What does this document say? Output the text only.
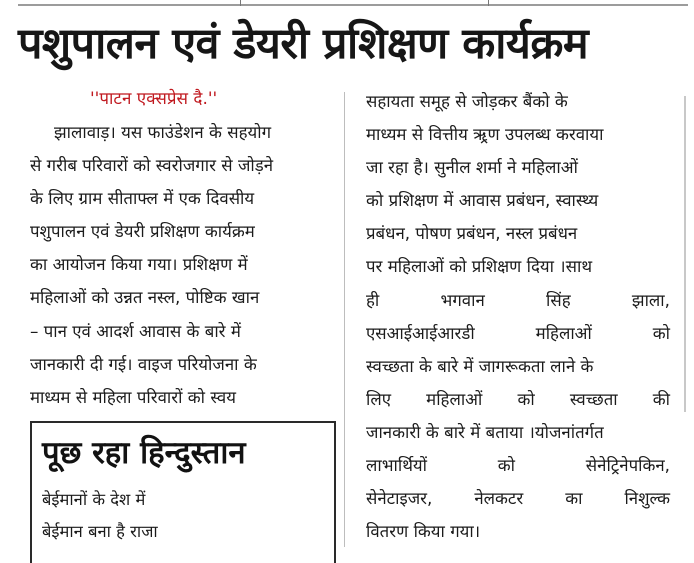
पशुपालन एवं डेयरी प्रशिक्षण कार्यक्रम
''पाटन एक्सप्रेस दै.''
झालावाड़। यस फाउंडेशन के सहयोग
से गरीब परिवारों को स्वरोजगार से जोड़ने
के लिए ग्राम सीताफ्ल में एक दिवसीय
पशुपालन एवं डेयरी प्रशिक्षण कार्यक्रम
का आयोजन किया गया। प्रशिक्षण में
महिलाओं को उन्नत नस्ल, पोष्टिक खान
– पान एवं आदर्श आवास के बारे में
जानकारी दी गई। वाइज परियोजना के
माध्यम से महिला परिवारों को स्वय
सहायता समूह से जोड़कर बैंको के
माध्यम से वित्तीय ऋ्रण उपलब्ध करवाया
जा रहा है। सुनील शर्मा ने महिलाओं
को प्रशिक्षण में आवास प्रबंधन, स्वास्थ्य
प्रबंधन, पोषण प्रबंधन, नस्ल प्रबंधन
पर महिलाओं को प्रशिक्षण दिया ।साथ
ही भगवान सिंह झाला,
एसआईआईआरडी महिलाओं को
स्वच्छता के बारे में जागरूकता लाने के
लिए महिलाओं को स्वच्छता की
जानकारी के बारे में बताया ।योजनांतर्गत
लाभार्थियों को सेनेट्रिनेपकिन,
सेनेटाइजर, नेलकटर का निशुल्क
वितरण किया गया।
पूछ रहा हिन्दुस्तान
बेईमानों के देश में
बेईमान बना है राजा
